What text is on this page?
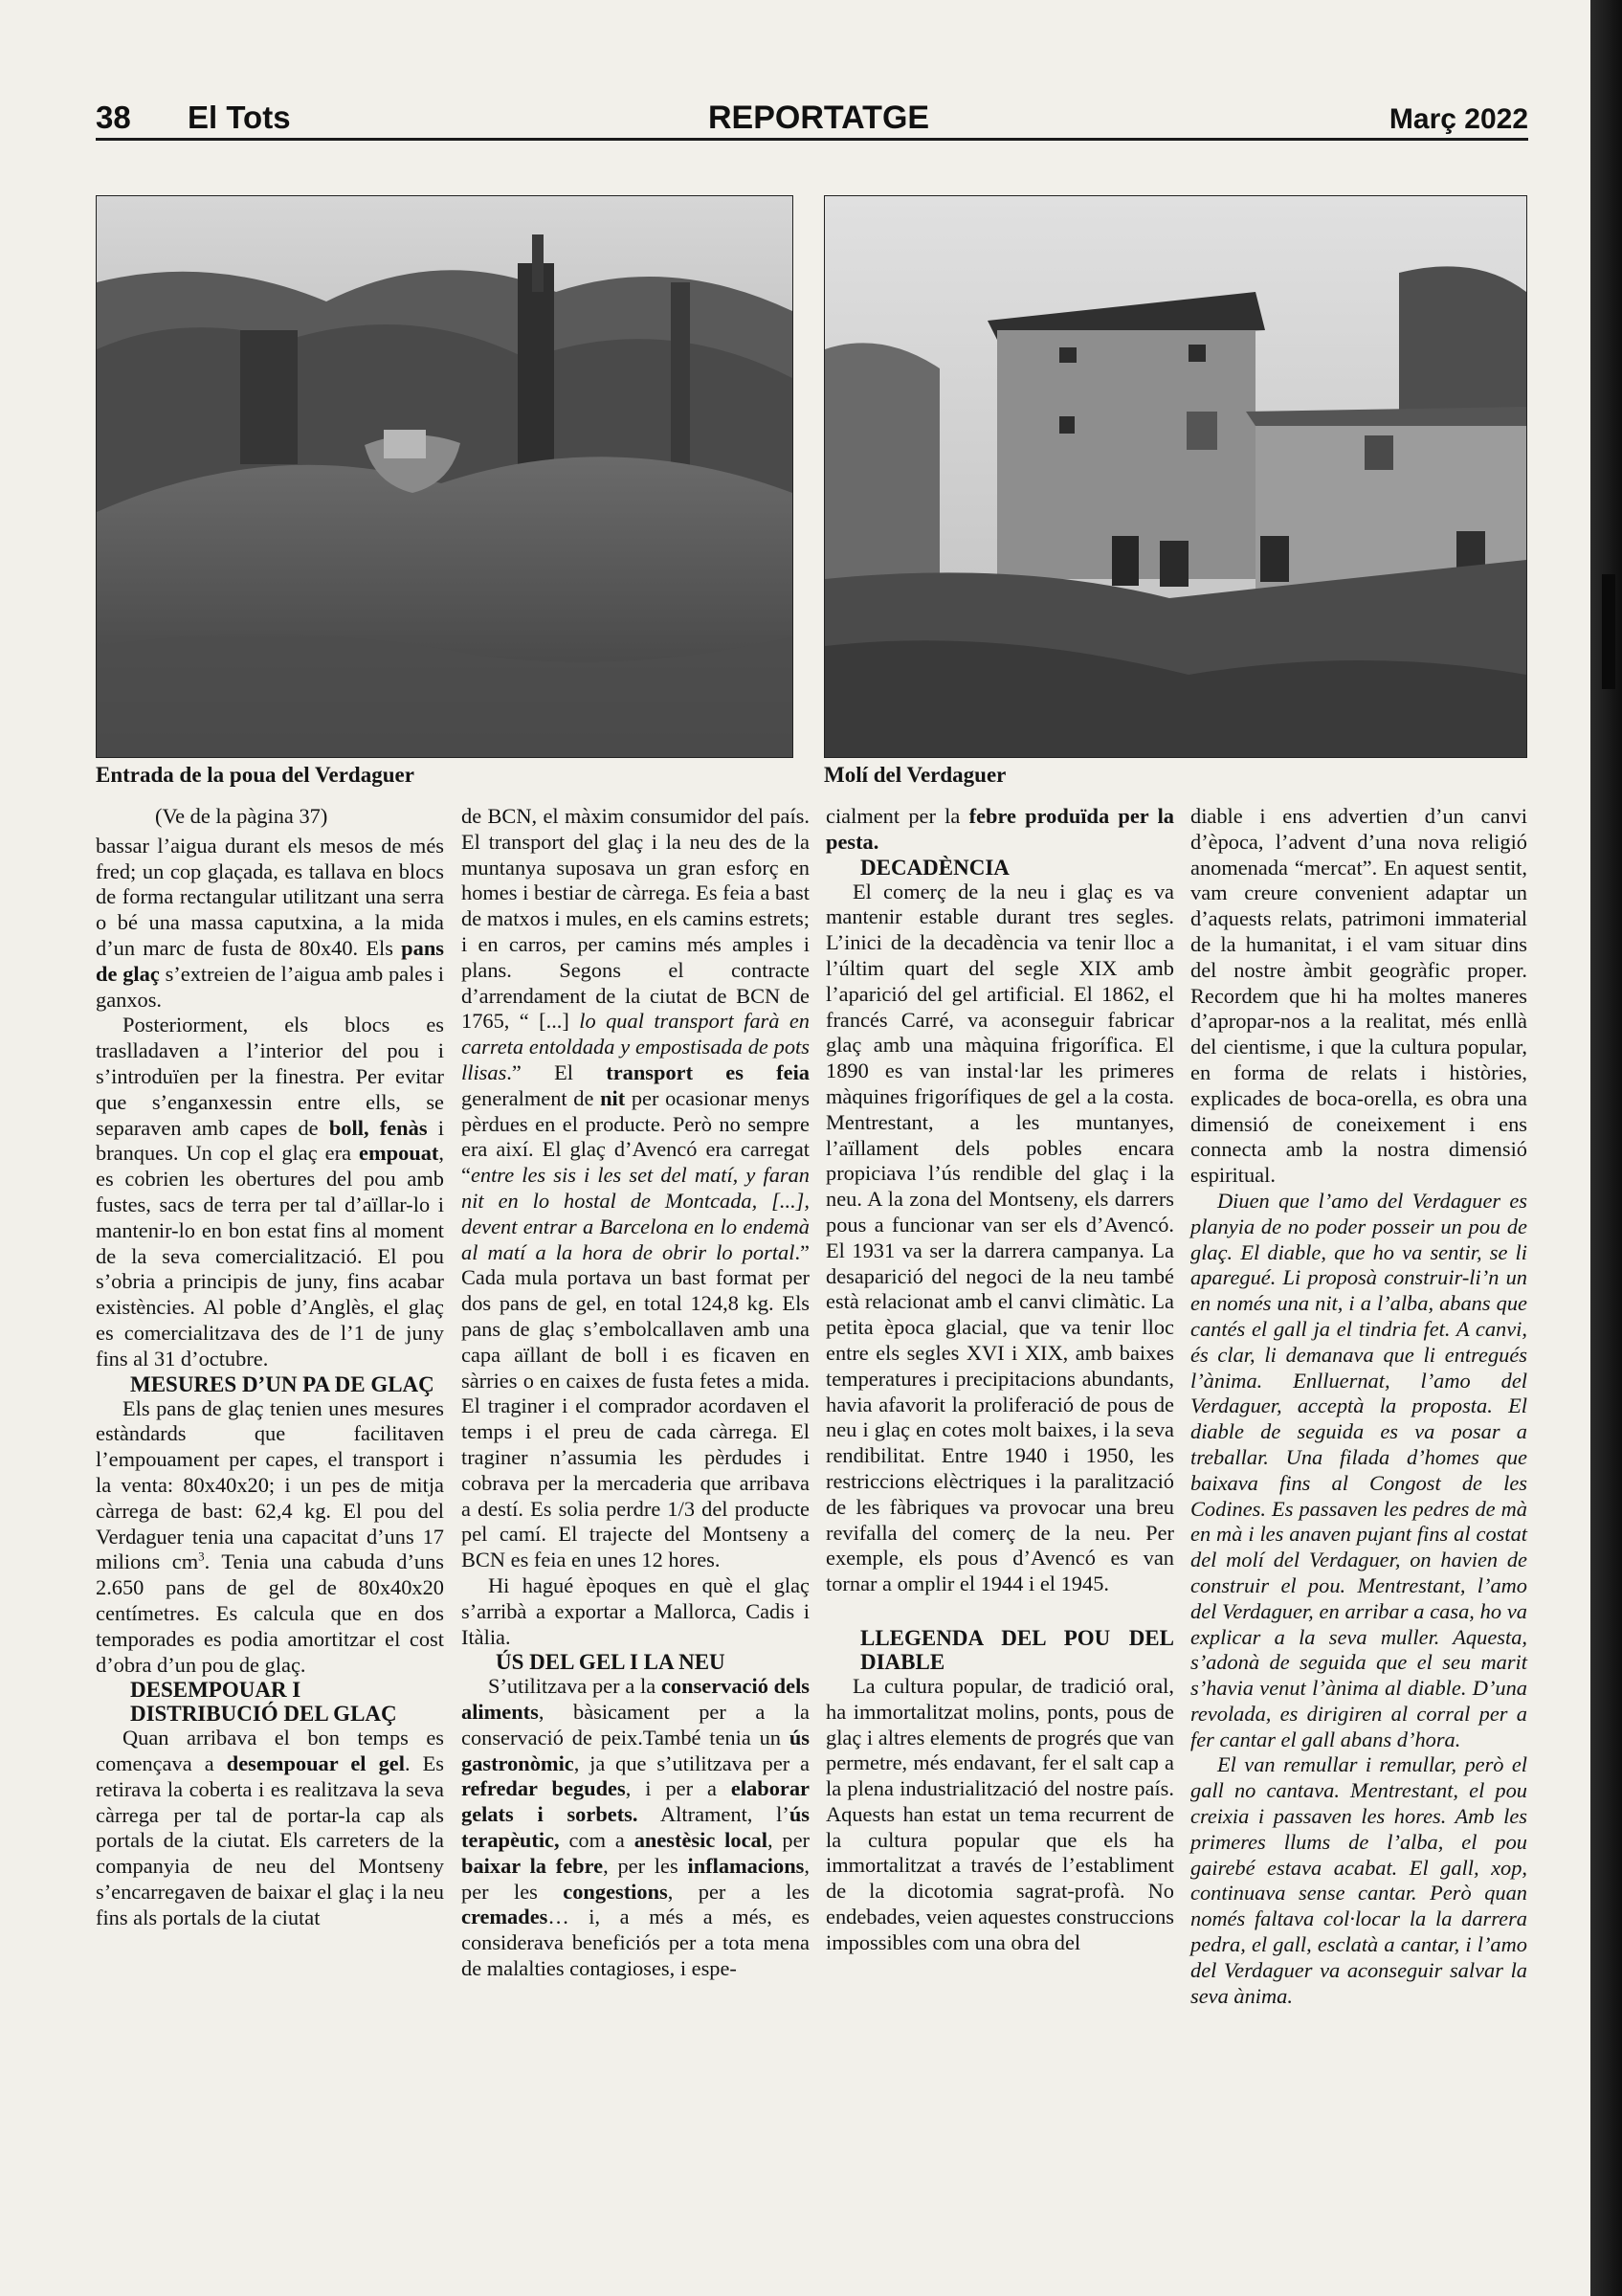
38 El Tots	REPORTATGE	Març 2022
Entrada de la poua del Verdaguer	Molí del Verdaguer

(Ve de la pàgina 37)

bassar l’aigua durant els mesos de més fred; un cop glaçada, es tallava en blocs de forma rectangular utilitzant una serra o bé una massa caputxina, a la mida d’un marc de fusta de 80x40. Els pans de glaç s’extreien de l’aigua amb pales i ganxos.

Posteriorment, els blocs es traslladaven a l’interior del pou i s’introduïen per la finestra. Per evitar que s’enganxessin entre ells, se separaven amb capes de boll, fenàs i branques. Un cop el glaç era empouat, es cobrien les obertures del pou amb fustes, sacs de terra per tal d’aïllar-lo i mantenir-lo en bon estat fins al moment de la seva comercialització. El pou s’obria a principis de juny, fins acabar existències. Al poble d’Anglès, el glaç es comercialitzava des de l’1 de juny fins al 31 d’octubre.

MESURES D’UN PA DE GLAÇ

Els pans de glaç tenien unes mesures estàndards que facilitaven l’empouament per capes, el transport i la venta: 80x40x20; i un pes de mitja càrrega de bast: 62,4 kg. El pou del Verdaguer tenia una capacitat d’uns 17 milions $cm^3$. Tenia una cabuda d’uns 2.650 pans de gel de 80x40x20 centímetres. Es calcula que en dos temporades es podia amortitzar el cost d’obra d’un pou de glaç.

DESEMPOUAR I DISTRIBUCIÓ DEL GLAÇ

Quan arribava el bon temps es començava a desempouar el gel. Es retirava la coberta i es realitzava la seva càrrega per tal de portar-la cap als portals de la ciutat. Els carreters de la companyia de neu del Montseny s’encarregaven de baixar el glaç i la neu fins als portals de la ciutat

de BCN, el màxim consumidor del país. El transport del glaç i la neu des de la muntanya suposava un gran esforç en homes i bestiar de càrrega. Es feia a bast de matxos i mules, en els camins estrets; i en carros, per camins més amples i plans. Segons el contracte d’arrendament de la ciutat de BCN de 1765, “ [...] lo qual transport farà en carreta entoldada y empostisada de pots llisas.” El transport es feia generalment de nit per ocasionar menys pèrdues en el producte. Però no sempre era així. El glaç d’Avencó era carregat “entre les sis i les set del matí, y faran nit en lo hostal de Montcada, [...], devent entrar a Barcelona en lo endemà al matí a la hora de obrir lo portal.” Cada mula portava un bast format per dos pans de gel, en total 124,8 kg. Els pans de glaç s’embolcallaven amb una capa aïllant de boll i es ficaven en sàrries o en caixes de fusta fetes a mida. El traginer i el comprador acordaven el temps i el preu de cada càrrega. El traginer n’assumia les pèrdudes i cobrava per la mercaderia que arribava a destí. Es solia perdre 1/3 del producte pel camí. El trajecte del Montseny a BCN es feia en unes 12 hores.

Hi hagué èpoques en què el glaç s’arribà a exportar a Mallorca, Cadis i Itàlia.

ÚS DEL GEL I LA NEU

S’utilitzava per a la conservació dels aliments, bàsicament per a la conservació de peix.També tenia un ús gastronòmic, ja que s’utilitzava per a refredar begudes, i per a elaborar gelats i sorbets. Altrament, l’ús terapèutic, com a anestèsic local, per baixar la febre, per les inflamacions, per les congestions, per a les cremades… i, a més a més, es considerava beneficiós per a tota mena de malalties contagioses, i espe-

cialment per la febre produïda per la pesta.

DECADÈNCIA

El comerç de la neu i glaç es va mantenir estable durant tres segles. L’inici de la decadència va tenir lloc a l’últim quart del segle XIX amb l’aparició del gel artificial. El 1862, el francés Carré, va aconseguir fabricar glaç amb una màquina frigorífica. El 1890 es van instal·lar les primeres màquines frigorífiques de gel a la costa. Mentrestant, a les muntanyes, l’aïllament dels pobles encara propiciava l’ús rendible del glaç i la neu. A la zona del Montseny, els darrers pous a funcionar van ser els d’Avencó. El 1931 va ser la darrera campanya. La desaparició del negoci de la neu també està relacionat amb el canvi climàtic. La petita època glacial, que va tenir lloc entre els segles XVI i XIX, amb baixes temperatures i precipitacions abundants, havia afavorit la proliferació de pous de neu i glaç en cotes molt baixes, i la seva rendibilitat. Entre 1940 i 1950, les restriccions elèctriques i la paralització de les fàbriques va provocar una breu revifalla del comerç de la neu. Per exemple, els pous d’Avencó es van tornar a omplir el 1944 i el 1945.

LLEGENDA DEL POU DEL DIABLE

La cultura popular, de tradició oral, ha immortalitzat molins, ponts, pous de glaç i altres elements de progrés que van permetre, més endavant, fer el salt cap a la plena industrialització del nostre país. Aquests han estat un tema recurrent de la cultura popular que els ha immortalitzat a través de l’establiment de la dicotomia sagrat-profà. No endebades, veien aquestes construccions impossibles com una obra del

diable i ens advertien d’un canvi d’època, l’advent d’una nova religió anomenada “mercat”. En aquest sentit, vam creure convenient adaptar un d’aquests relats, patrimoni immaterial de la humanitat, i el vam situar dins del nostre àmbit geogràfic proper. Recordem que hi ha moltes maneres d’apropar-nos a la realitat, més enllà del cientisme, i que la cultura popular, en forma de relats i històries, explicades de boca-orella, es obra una dimensió de coneixement i ens connecta amb la nostra dimensió espiritual.

Diuen que l’amo del Verdaguer es planyia de no poder posseir un pou de glaç. El diable, que ho va sentir, se li aparegué. Li proposà construir-li’n un en només una nit, i a l’alba, abans que cantés el gall ja el tindria fet. A canvi, és clar, li demanava que li entregués l’ànima. Enlluernat, l’amo del Verdaguer, acceptà la proposta. El diable de seguida es va posar a treballar. Una filada d’homes que baixava fins al Congost de les Codines. Es passaven les pedres de mà en mà i les anaven pujant fins al costat del molí del Verdaguer, on havien de construir el pou. Mentrestant, l’amo del Verdaguer, en arribar a casa, ho va explicar a la seva muller. Aquesta, s’adonà de seguida que el seu marit s’havia venut l’ànima al diable. D’una revolada, es dirigiren al corral per a fer cantar el gall abans d’hora.

El van remullar i remullar, però el gall no cantava. Mentrestant, el pou creixia i passaven les hores. Amb les primeres llums de l’alba, el pou gairebé estava acabat. El gall, xop, continuava sense cantar. Però quan només faltava col·locar la la darrera pedra, el gall, esclatà a cantar, i l’amo del Verdaguer va aconseguir salvar la seva ànima.
